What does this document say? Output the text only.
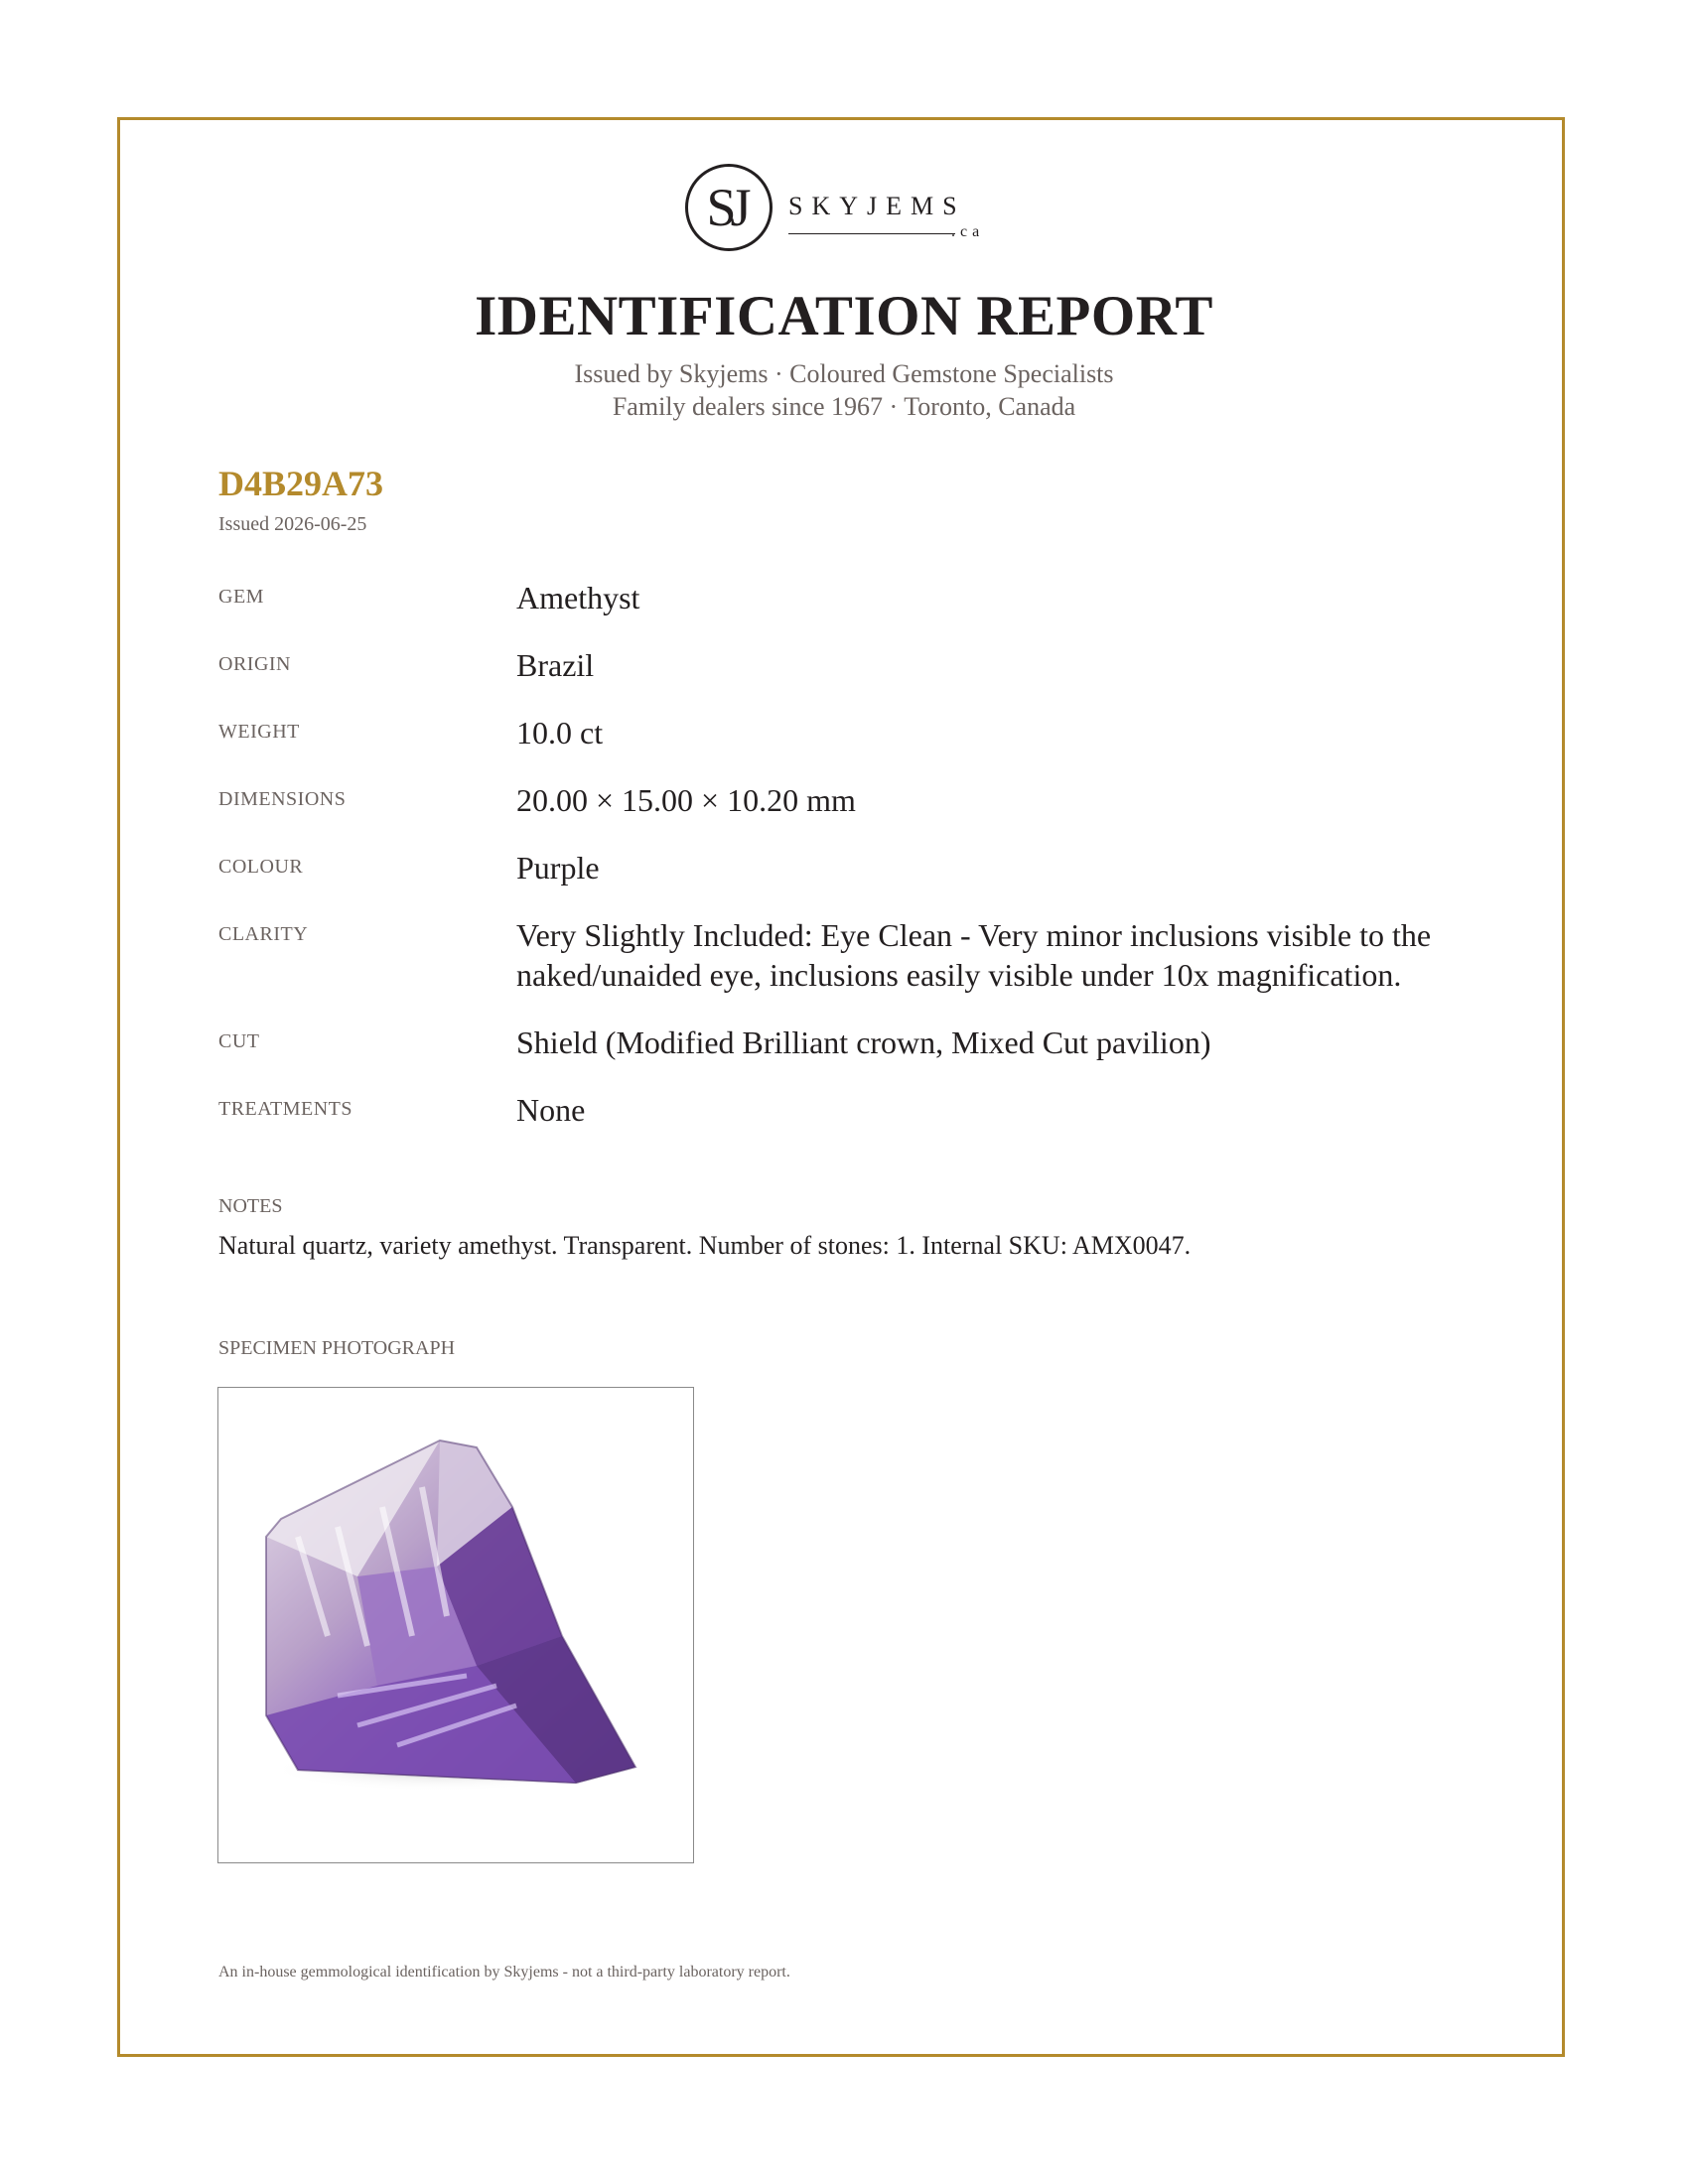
SJ	SKYJEMS
.ca
IDENTIFICATION REPORT
Issued by Skyjems · Coloured Gemstone Specialists
Family dealers since 1967 · Toronto, Canada
D4B29A73
Issued 2026-06-25
GEM	Amethyst
ORIGIN	Brazil
WEIGHT	10.0 ct
DIMENSIONS	20.00 × 15.00 × 10.20 mm
COLOUR	Purple
CLARITY	Very Slightly Included: Eye Clean - Very minor inclusions visible to the naked/unaided eye, inclusions easily visible under 10x magnification.
CUT	Shield (Modified Brilliant crown, Mixed Cut pavilion)
TREATMENTS	None
NOTES
Natural quartz, variety amethyst. Transparent. Number of stones: 1. Internal SKU: AMX0047.
SPECIMEN PHOTOGRAPH
An in-house gemmological identification by Skyjems - not a third-party laboratory report.
